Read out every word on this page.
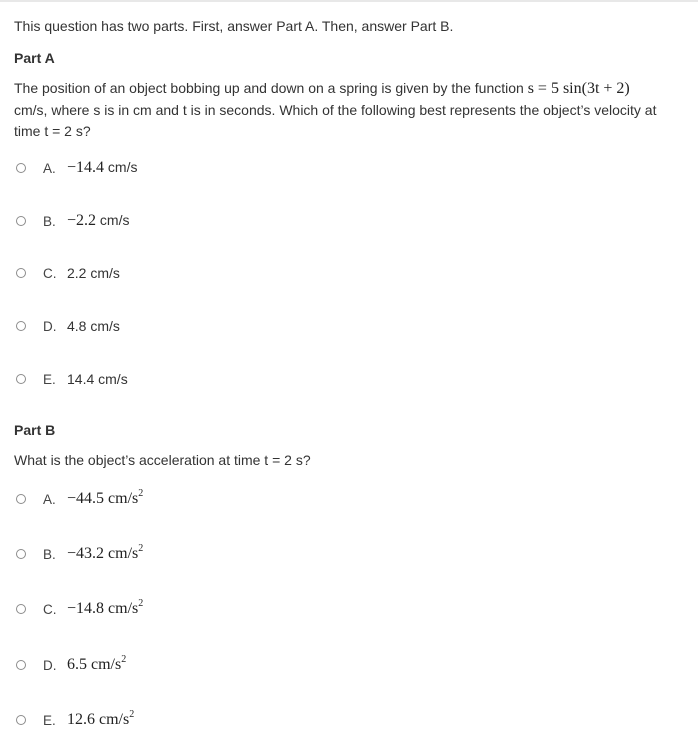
This question has two parts. First, answer Part A. Then, answer Part B.
Part A
The position of an object bobbing up and down on a spring is given by the function s = 5 sin(3t + 2)
cm/s, where s is in cm and t is in seconds. Which of the following best represents the object’s velocity at
time t = 2 s?
A. −14.4 cm/s
B. −2.2 cm/s
C. 2.2 cm/s
D. 4.8 cm/s
E. 14.4 cm/s
Part B
What is the object’s acceleration at time t = 2 s?
A. −44.5 $cm/s^2$
B. −43.2 $cm/s^2$
C. −14.8 $cm/s^2$
D. 6.5 $cm/s^2$
E. 12.6 $cm/s^2$
